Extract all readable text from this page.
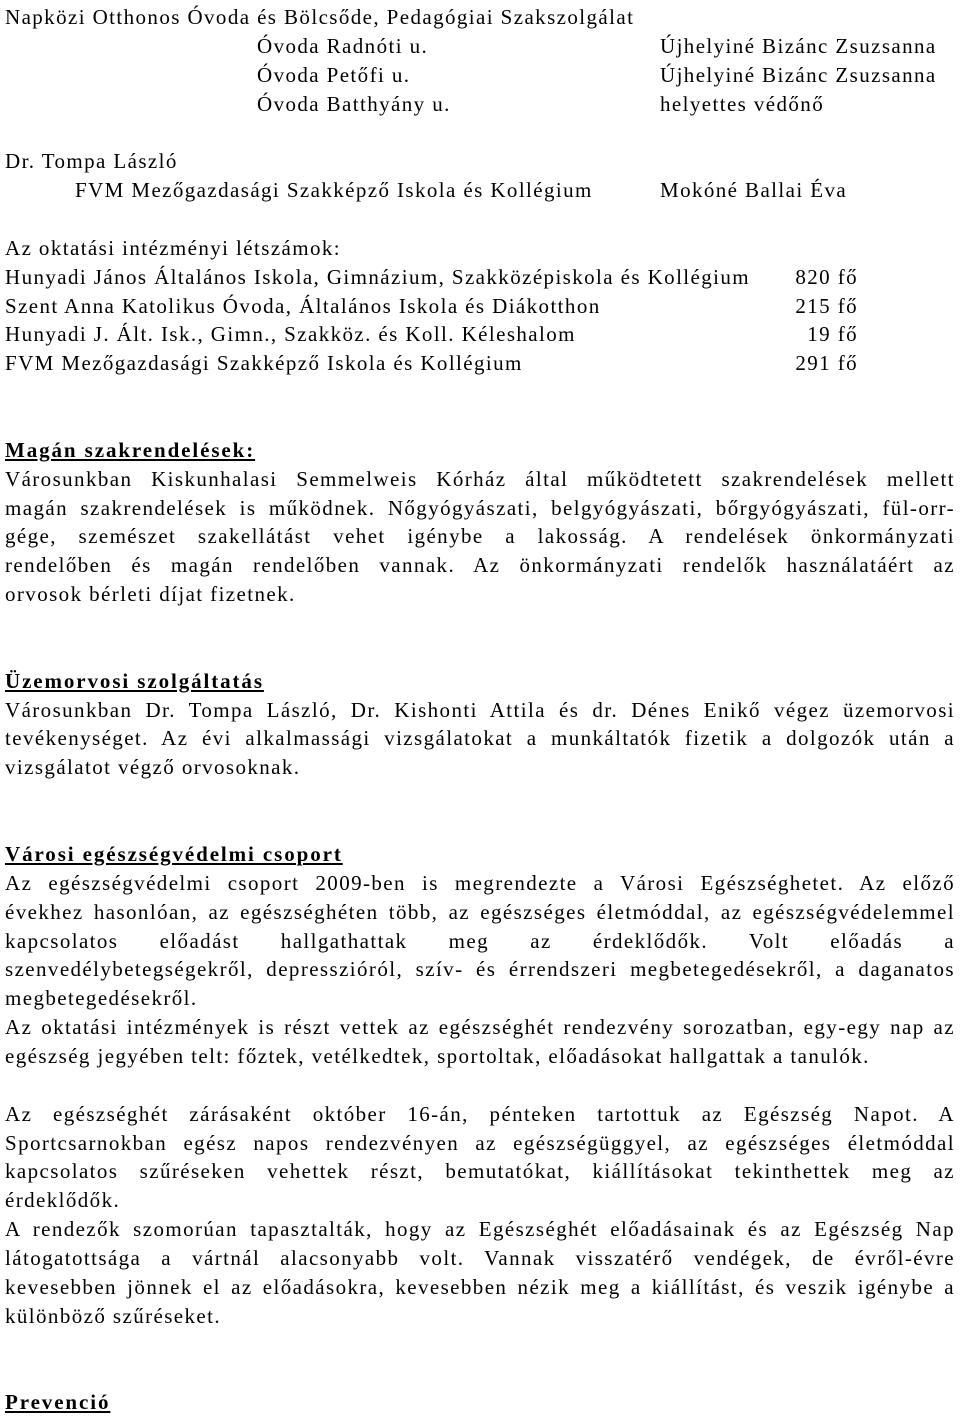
Napközi Otthonos Óvoda és Bölcsőde, Pedagógiai Szakszolgálat
Óvoda Radnóti u.	Újhelyiné Bizánc Zsuzsanna
Óvoda Petőfi u.	Újhelyiné Bizánc Zsuzsanna
Óvoda Batthyány u.	helyettes védőnő
Dr. Tompa László
FVM Mezőgazdasági Szakképző Iskola és Kollégium	Mokóné Ballai Éva
Az oktatási intézményi létszámok:
Hunyadi János Általános Iskola, Gimnázium, Szakközépiskola és Kollégium 820 fő
Szent Anna Katolikus Óvoda, Általános Iskola és Diákotthon	215 fő
Hunyadi J. Ált. Isk., Gimn., Szakköz. és Koll. Kéleshalom	19 fő
FVM Mezőgazdasági Szakképző Iskola és Kollégium	291 fő
Magán szakrendelések:
Városunkban Kiskunhalasi Semmelweis Kórház által működtetett szakrendelések mellett
magán szakrendelések is működnek. Nőgyógyászati, belgyógyászati, bőrgyógyászati, fül-orr-
gége, szemészet szakellátást vehet igénybe a lakosság. A rendelések önkormányzati
rendelőben és magán rendelőben vannak. Az önkormányzati rendelők használatáért az
orvosok bérleti díjat fizetnek.
Üzemorvosi szolgáltatás
Városunkban Dr. Tompa László, Dr. Kishonti Attila és dr. Dénes Enikő végez üzemorvosi
tevékenységet. Az évi alkalmassági vizsgálatokat a munkáltatók fizetik a dolgozók után a
vizsgálatot végző orvosoknak.
Városi egészségvédelmi csoport
Az egészségvédelmi csoport 2009-ben is megrendezte a Városi Egészséghetet. Az előző
évekhez hasonlóan, az egészséghéten több, az egészséges életmóddal, az egészségvédelemmel
kapcsolatos előadást hallgathattak meg az érdeklődők. Volt előadás a
szenvedélybetegségekről, depresszióról, szív- és érrendszeri megbetegedésekről, a daganatos
megbetegedésekről.
Az oktatási intézmények is részt vettek az egészséghét rendezvény sorozatban, egy-egy nap az
egészség jegyében telt: főztek, vetélkedtek, sportoltak, előadásokat hallgattak a tanulók.
Az egészséghét zárásaként október 16-án, pénteken tartottuk az Egészség Napot. A
Sportcsarnokban egész napos rendezvényen az egészségüggyel, az egészséges életmóddal
kapcsolatos szűréseken vehettek részt, bemutatókat, kiállításokat tekinthettek meg az
érdeklődők.
A rendezők szomorúan tapasztalták, hogy az Egészséghét előadásainak és az Egészség Nap
látogatottsága a vártnál alacsonyabb volt. Vannak visszatérő vendégek, de évről-évre
kevesebben jönnek el az előadásokra, kevesebben nézik meg a kiállítást, és veszik igénybe a
különböző szűréseket.
Prevenció
